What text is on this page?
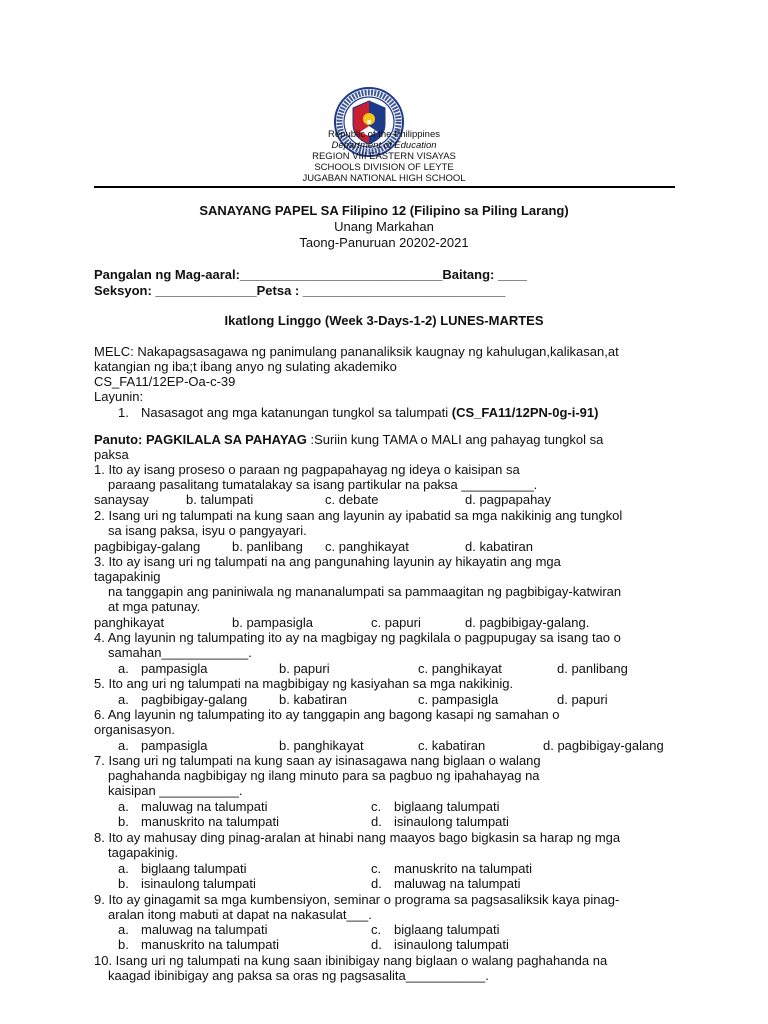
Republic of the Philippines
Department of Education
REGION VIII EASTERN VISAYAS
SCHOOLS DIVISION OF LEYTE
JUGABAN NATIONAL HIGH SCHOOL
SANAYANG PAPEL SA Filipino 12 (Filipino sa Piling Larang)
Unang Markahan
Taong-Panuruan 20202-2021
Pangalan ng Mag-aaral:____________________________Baitang: ____
Seksyon: ______________Petsa : ____________________________
Ikatlong Linggo (Week 3-Days-1-2) LUNES-MARTES
MELC: Nakapagsasagawa ng panimulang pananaliksik kaugnay ng kahulugan,kalikasan,at
katangian ng iba;t ibang anyo ng sulating akademiko
CS_FA11/12EP-Oa-c-39
Layunin:
1. Nasasagot ang mga katanungan tungkol sa talumpati (CS_FA11/12PN-0g-i-91)
Panuto: PAGKILALA SA PAHAYAG :Suriin kung TAMA o MALI ang pahayag tungkol sa
paksa
1. Ito ay isang proseso o paraan ng pagpapahayag ng ideya o kaisipan sa
paraang pasalitang tumatalakay sa isang partikular na paksa __________.
sanaysay	b. talumpati	c. debate	d. pagpapahay
2. Isang uri ng talumpati na kung saan ang layunin ay ipabatid sa mga nakikinig ang tungkol
sa isang paksa, isyu o pangyayari.
pagbibigay-galang b. panlibang c. panghikayat	d. kabatiran
3. Ito ay isang uri ng talumpati na ang pangunahing layunin ay hikayatin ang mga
tagapakinig
na tanggapin ang paniniwala ng mananalumpati sa pammaagitan ng pagbibigay-katwiran
at mga patunay.
panghikayat	b. pampasigla	c. papuri	d. pagbibigay-galang.
4. Ang layunin ng talumpating ito ay na magbigay ng pagkilala o pagpupugay sa isang tao o
samahan____________.
a. pampasigla	b. papuri	c. panghikayat	d. panlibang
5. Ito ang uri ng talumpati na magbibigay ng kasiyahan sa mga nakikinig.
a. pagbibigay-galang b. kabatiran	c. pampasigla	d. papuri
6. Ang layunin ng talumpating ito ay tanggapin ang bagong kasapi ng samahan o
organisasyon.
a. pampasigla	b. panghikayat	c. kabatiran	d. pagbibigay-galang
7. Isang uri ng talumpati na kung saan ay isinasagawa nang biglaan o walang
paghahanda nagbibigay ng ilang minuto para sa pagbuo ng ipahahayag na
kaisipan ___________.
a. maluwag na talumpati	c. biglaang talumpati
b. manuskrito na talumpati	d. isinaulong talumpati
8. Ito ay mahusay ding pinag-aralan at hinabi nang maayos bago bigkasin sa harap ng mga
tagapakinig.
a. biglaang talumpati	c. manuskrito na talumpati
b. isinaulong talumpati	d. maluwag na talumpati
9. Ito ay ginagamit sa mga kumbensiyon, seminar o programa sa pagsasaliksik kaya pinag-
aralan itong mabuti at dapat na nakasulat___.
a. maluwag na talumpati	c. biglaang talumpati
b. manuskrito na talumpati	d. isinaulong talumpati
10. Isang uri ng talumpati na kung saan ibinibigay nang biglaan o walang paghahanda na
kaagad ibinibigay ang paksa sa oras ng pagsasalita___________.
